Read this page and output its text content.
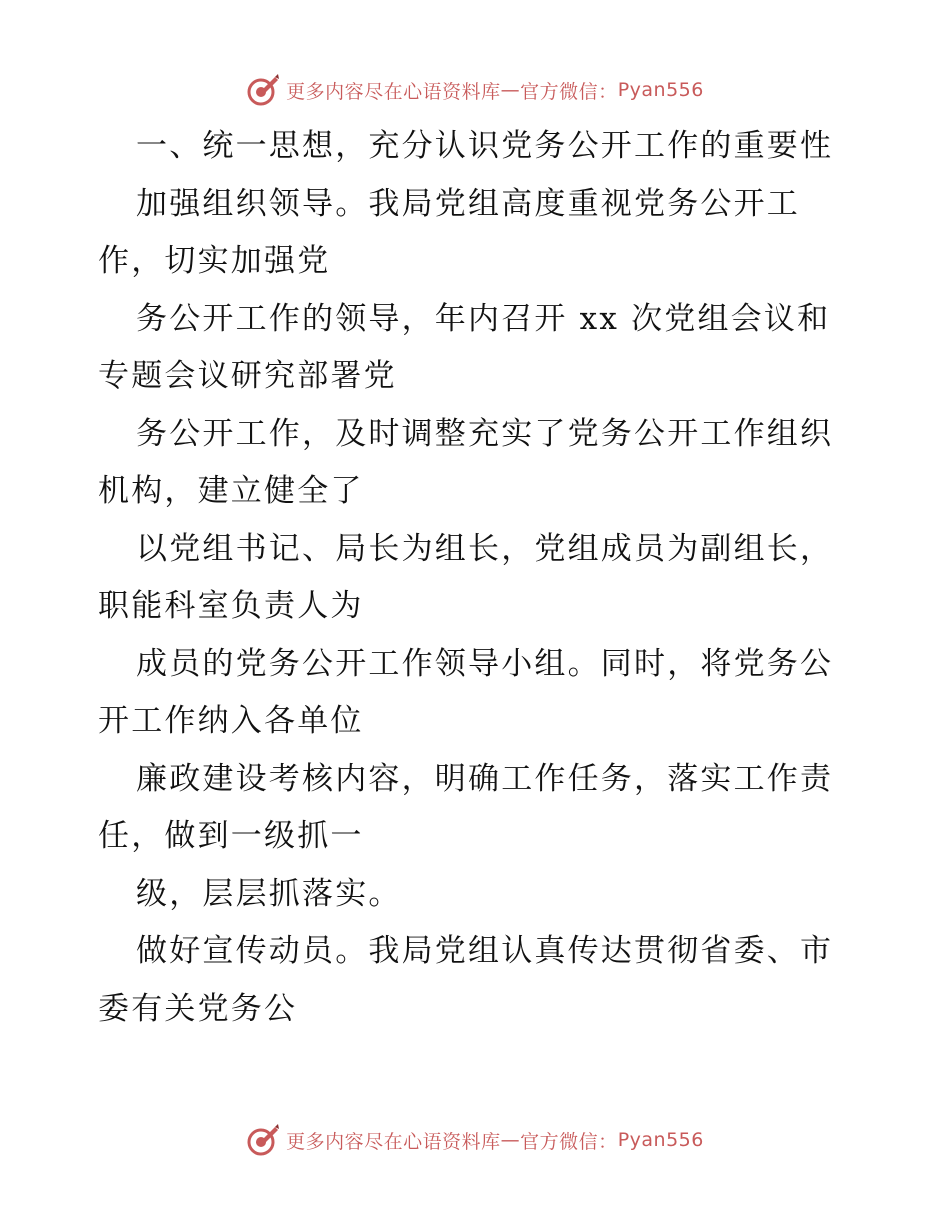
更多内容尽在心语资料库 — 官方微信： Pyan556
一、统一思想，充分认识党务公开工作的重要性
加强组织领导。我局党组高度重视党务公开工
作，切实加强党
务公开工作的领导，年内召开 xx 次党组会议和
专题会议研究部署党
务公开工作，及时调整充实了党务公开工作组织
机构，建立健全了
以党组书记、局长为组长，党组成员为副组长，
职能科室负责人为
成员的党务公开工作领导小组。同时，将党务公
开工作纳入各单位
廉政建设考核内容，明确工作任务，落实工作责
任，做到一级抓一
级，层层抓落实。
做好宣传动员。我局党组认真传达贯彻省委、市
委有关党务公
更多内容尽在心语资料库 — 官方微信： Pyan556
